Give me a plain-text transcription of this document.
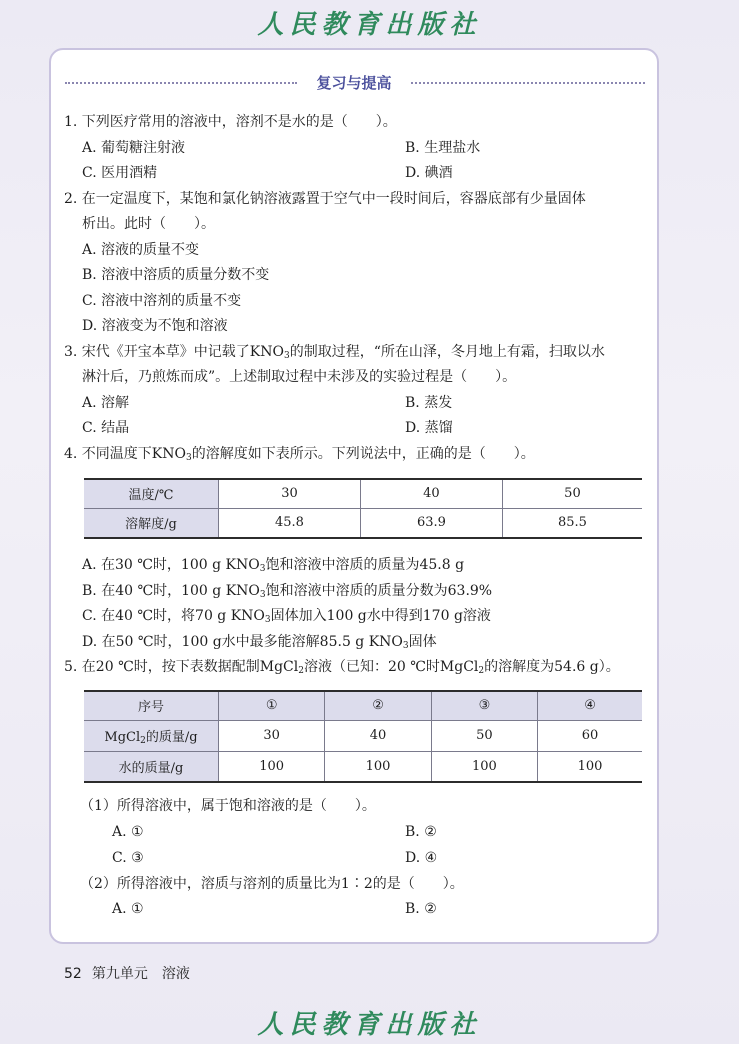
人民教育出版社
复习与提高
1. 下列医疗常用的溶液中，溶剂不是水的是（　　）。
A. 葡萄糖注射液	B. 生理盐水
C. 医用酒精	D. 碘酒
2. 在一定温度下，某饱和氯化钠溶液露置于空气中一段时间后，容器底部有少量固体
析出。此时（　　）。
A. 溶液的质量不变
B. 溶液中溶质的质量分数不变
C. 溶液中溶剂的质量不变
D. 溶液变为不饱和溶液
3. 宋代《开宝本草》中记载了$KNO_3$的制取过程，“所在山泽，冬月地上有霜，扫取以水
淋汁后，乃煎炼而成”。上述制取过程中未涉及的实验过程是（　　）。
A. 溶解	B. 蒸发
C. 结晶	D. 蒸馏
4. 不同温度下$KNO_3$的溶解度如下表所示。下列说法中，正确的是（　　）。
温度/℃	30	40	50
溶解度/g	45.8	63.9	85.5
A. 在30 ℃时，100 g $KNO_3$饱和溶液中溶质的质量为45.8 g
B. 在40 ℃时，100 g $KNO_3$饱和溶液中溶质的质量分数为63.9%
C. 在40 ℃时，将70 g $KNO_3$固体加入100 g水中得到170 g溶液
D. 在50 ℃时，100 g水中最多能溶解85.5 g $KNO_3$固体
5. 在20 ℃时，按下表数据配制MgCl$_2$溶液（已知：20 ℃时MgCl$_2$的溶解度为54.6 g）。
序号	①	②	③	④
MgCl$_2$的质量/g	30	40	50	60
水的质量/g	100	100	100	100
（1）所得溶液中，属于饱和溶液的是（　　）。
A. ①	B. ②
C. ③	D. ④
（2）所得溶液中，溶质与溶剂的质量比为1∶2的是（　　）。
A. ①	B. ②
52 第九单元　溶液
人民教育出版社
